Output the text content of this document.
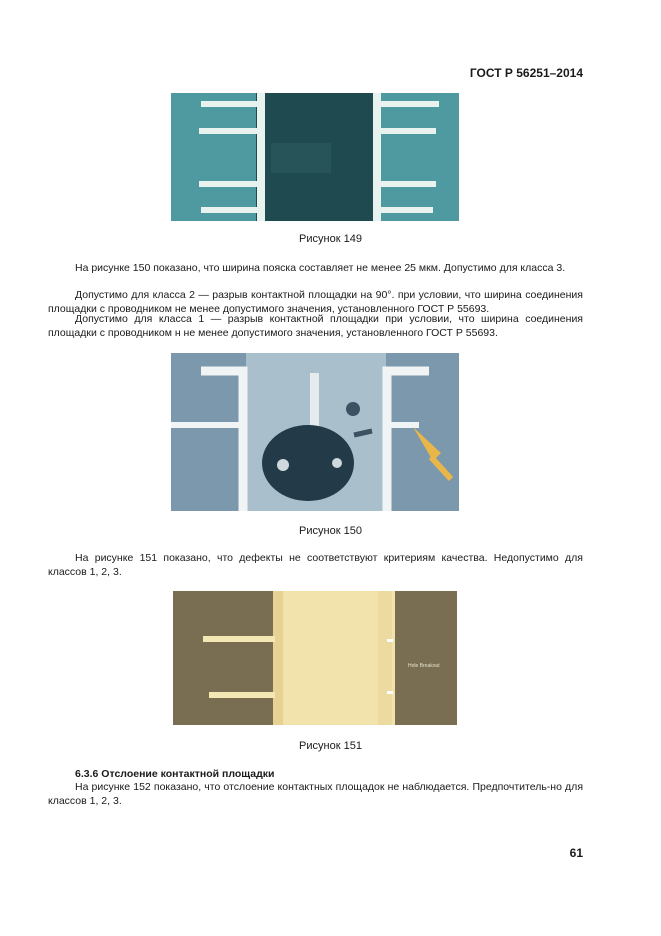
ГОСТ Р 56251–2014
Рисунок 149
На рисунке 150 показано, что ширина пояска составляет не менее 25 мкм. Допустимо для класса 3.
Допустимо для класса 2 — разрыв контактной площадки на 90°. при условии, что ширина соединения площадки с проводником не менее допустимого значения, установленного ГОСТ Р 55693.
Допустимо для класса 1 — разрыв контактной площадки при условии, что ширина соединения площадки с проводником н не менее допустимого значения, установленного ГОСТ Р 55693.
Рисунок 150
На рисунке 151 показано, что дефекты не соответствуют критериям качества. Недопустимо для классов 1, 2, 3.
Hole Breakout
Рисунок 151
6.3.6 Отслоение контактной площадки
На рисунке 152 показано, что отслоение контактных площадок не наблюдается. Предпочтитель-но для классов 1, 2, 3.
61
